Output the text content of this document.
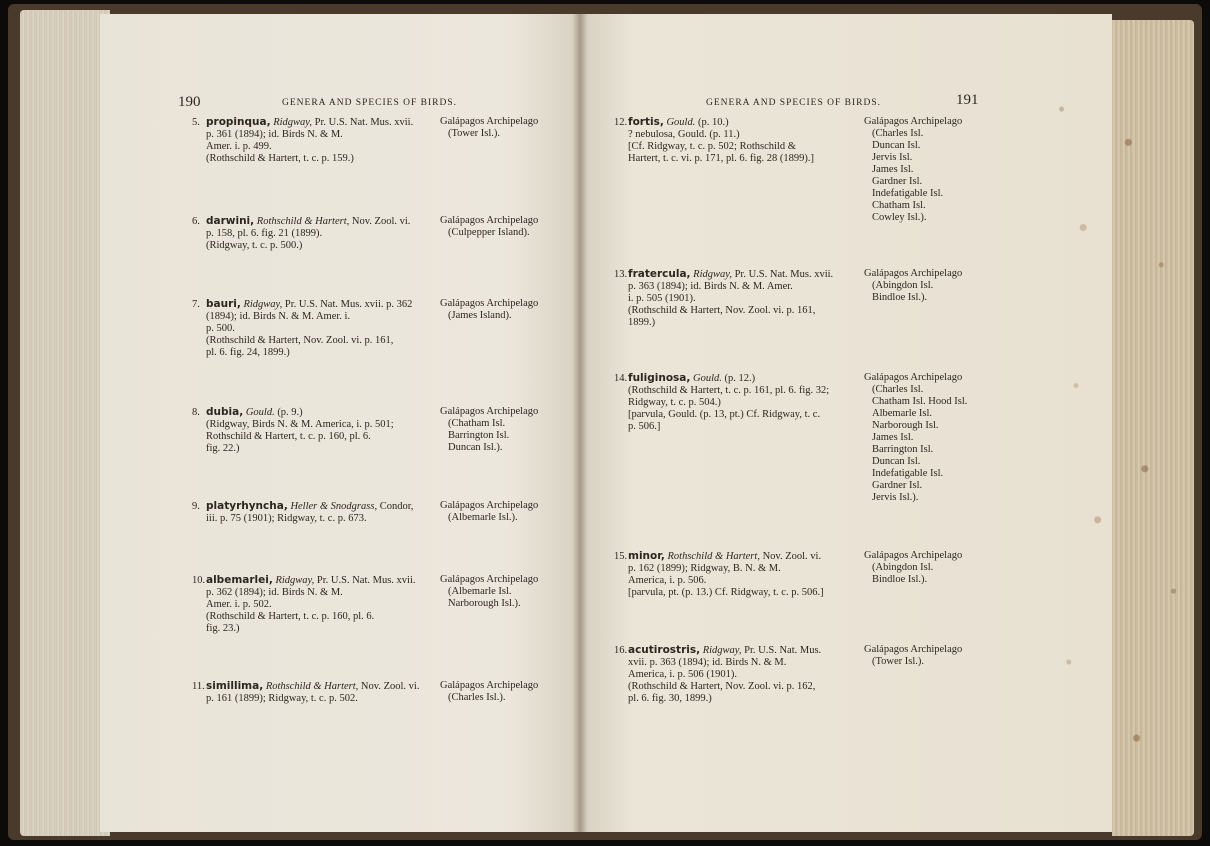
190	GENERA AND SPECIES OF BIRDS.
5. propinqua, Ridgway, Pr. U.S. Nat. Mus. xvii.
p. 361 (1894); id. Birds N. & M.
Amer. i. p. 499.
(Rothschild & Hartert, t. c. p. 159.)
Galápagos Archipelago
(Tower Isl.).
6. darwini, Rothschild & Hartert, Nov. Zool. vi.
p. 158, pl. 6. fig. 21 (1899).
(Ridgway, t. c. p. 500.)
Galápagos Archipelago
(Culpepper Island).
7. bauri, Ridgway, Pr. U.S. Nat. Mus. xvii. p. 362
(1894); id. Birds N. & M. Amer. i.
p. 500.
(Rothschild & Hartert, Nov. Zool. vi. p. 161,
pl. 6. fig. 24, 1899.)
Galápagos Archipelago
(James Island).
8. dubia, Gould. (p. 9.)
(Ridgway, Birds N. & M. America, i. p. 501;
Rothschild & Hartert, t. c. p. 160, pl. 6.
fig. 22.)
Galápagos Archipelago
(Chatham Isl.
Barrington Isl.
Duncan Isl.).
9. platyrhyncha, Heller & Snodgrass, Condor,
iii. p. 75 (1901); Ridgway, t. c. p. 673.
Galápagos Archipelago
(Albemarle Isl.).
10.albemarlei, Ridgway, Pr. U.S. Nat. Mus. xvii.
p. 362 (1894); id. Birds N. & M.
Amer. i. p. 502.
(Rothschild & Hartert, t. c. p. 160, pl. 6.
fig. 23.)
Galápagos Archipelago
(Albemarle Isl.
Narborough Isl.).
11.simillima, Rothschild & Hartert, Nov. Zool. vi.
p. 161 (1899); Ridgway, t. c. p. 502.
Galápagos Archipelago
(Charles Isl.).
GENERA AND SPECIES OF BIRDS.	191
12.fortis, Gould. (p. 10.)
? nebulosa, Gould. (p. 11.)
[Cf. Ridgway, t. c. p. 502; Rothschild &
Hartert, t. c. vi. p. 171, pl. 6. fig. 28 (1899).]
Galápagos Archipelago
(Charles Isl.
Duncan Isl.
Jervis Isl.
James Isl.
Gardner Isl.
Indefatigable Isl.
Chatham Isl.
Cowley Isl.).
13.fratercula, Ridgway, Pr. U.S. Nat. Mus. xvii.
p. 363 (1894); id. Birds N. & M. Amer.
i. p. 505 (1901).
(Rothschild & Hartert, Nov. Zool. vi. p. 161,
1899.)
Galápagos Archipelago
(Abingdon Isl.
Bindloe Isl.).
14.fuliginosa, Gould. (p. 12.)
(Rothschild & Hartert, t. c. p. 161, pl. 6. fig. 32;
Ridgway, t. c. p. 504.)
[parvula, Gould. (p. 13, pt.) Cf. Ridgway, t. c.
p. 506.]
Galápagos Archipelago
(Charles Isl.
Chatham Isl. Hood Isl.
Albemarle Isl.
Narborough Isl.
James Isl.
Barrington Isl.
Duncan Isl.
Indefatigable Isl.
Gardner Isl.
Jervis Isl.).
15.minor, Rothschild & Hartert, Nov. Zool. vi.
p. 162 (1899); Ridgway, B. N. & M.
America, i. p. 506.
[parvula, pt. (p. 13.) Cf. Ridgway, t. c. p. 506.]
Galápagos Archipelago
(Abingdon Isl.
Bindloe Isl.).
16.acutirostris, Ridgway, Pr. U.S. Nat. Mus.
xvii. p. 363 (1894); id. Birds N. & M.
America, i. p. 506 (1901).
(Rothschild & Hartert, Nov. Zool. vi. p. 162,
pl. 6. fig. 30, 1899.)
Galápagos Archipelago
(Tower Isl.).
